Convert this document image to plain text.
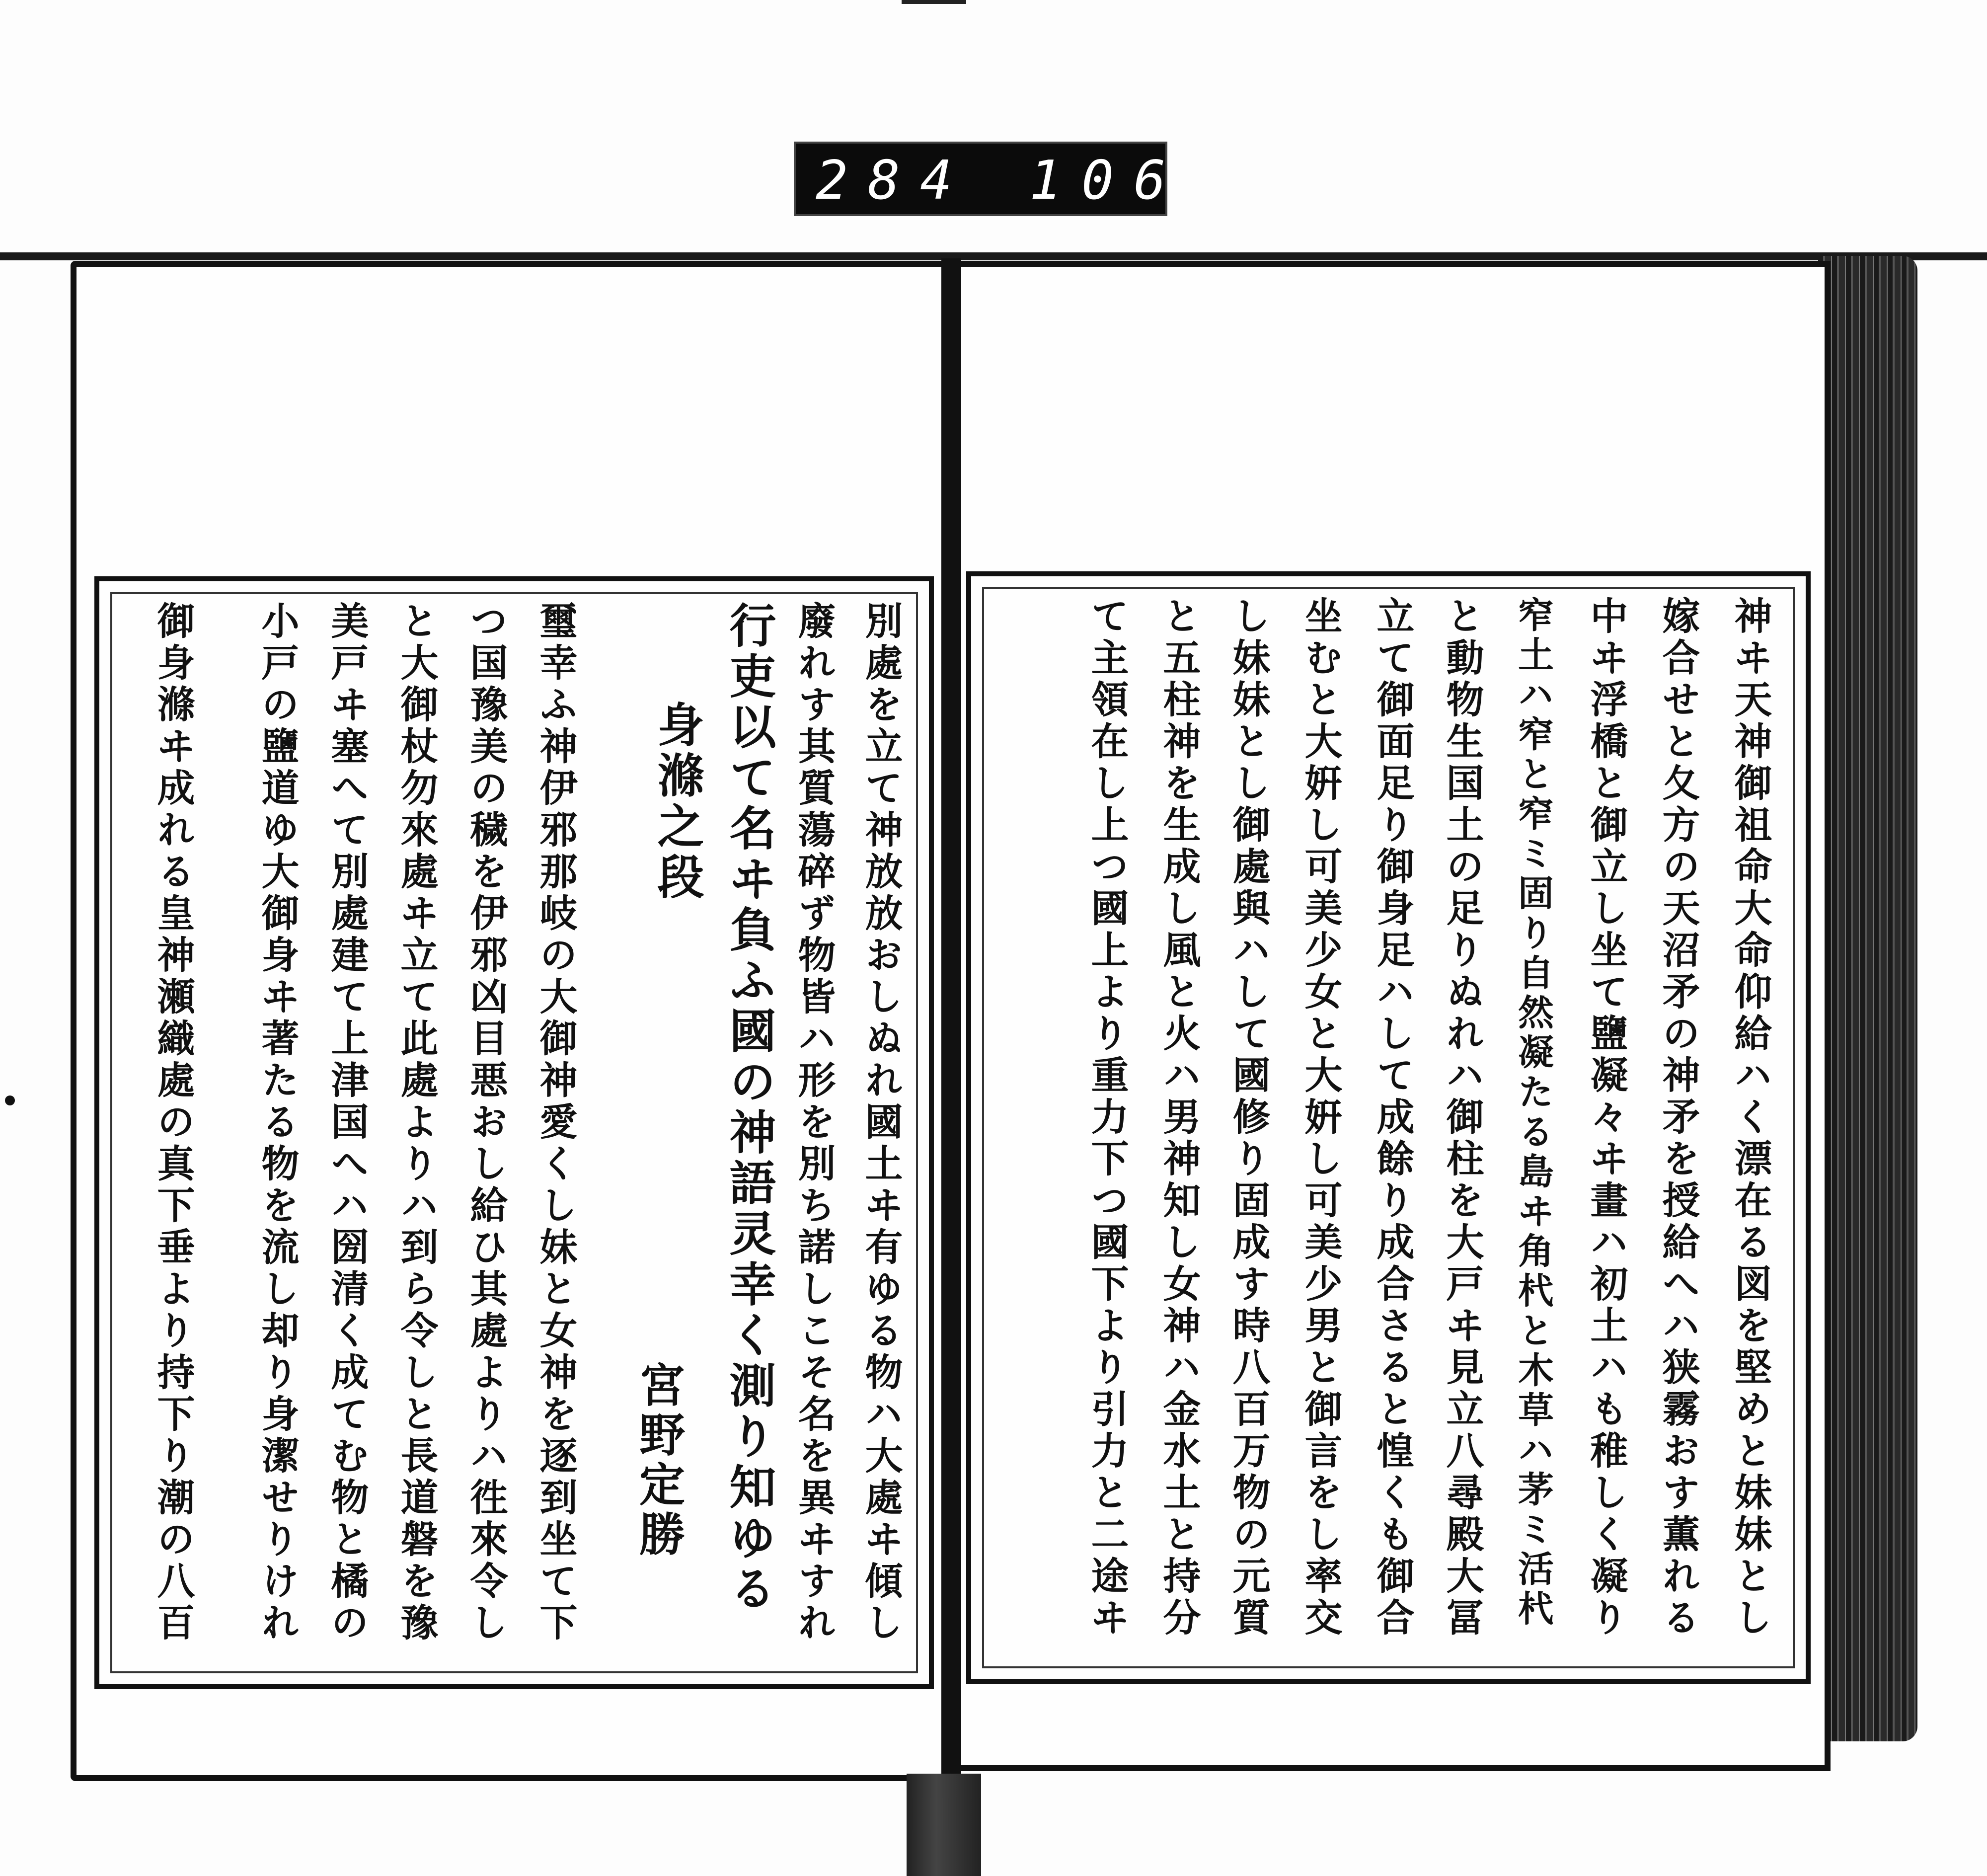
284 106
別處を立て神放放おしぬれ國土ヰ有ゆる物ハ大處ヰ傾し
廢れす其質蕩碎ず物皆ハ形を別ち諾しこそ名を異ヰすれ
行吏以て名ヰ負ふ國の神語灵幸く測り知ゆる
身滌之段
宮野定勝
璽幸ふ神伊邪那岐の大御神愛くし妹と女神を逐到坐て下
つ国豫美の穢を伊邪凶目悪おし給ひ其處よりハ徃來令し
と大御杖勿來處ヰ立て此處よりハ到ら令しと長道磐を豫
美戸ヰ塞へて別處建て上津国へハ圀清く成てむ物と橘の
小戸の鹽道ゆ大御身ヰ著たる物を流し却り身潔せりけれ
御身滌ヰ成れる皇神瀬織處の真下垂より持下り潮の八百	神ヰ天神御祖命大命仰給ハく漂在る図を堅めと妹妹とし
嫁合せと夂方の天沼矛の神矛を授給へハ狭霧おす薫れる
中ヰ浮橋と御立し坐て鹽凝々ヰ畫ハ初土ハも稚しく凝り
窄土ハ窄と窄ミ固り自然凝たる島ヰ角杙と木草ハ茅ミ活杙
と動物生国土の足りぬれハ御柱を大戸ヰ見立八尋殿大冨
立て御面足り御身足ハして成餘り成合さると惶くも御合
坐むと大姸し可美少女と大姸し可美少男と御言をし率交
し妹妹とし御處與ハして國修り固成す時八百万物の元質
と五柱神を生成し風と火ハ男神知し女神ハ金水土と持分
て主領在し上つ國上より重力下つ國下より引力と二途ヰ
